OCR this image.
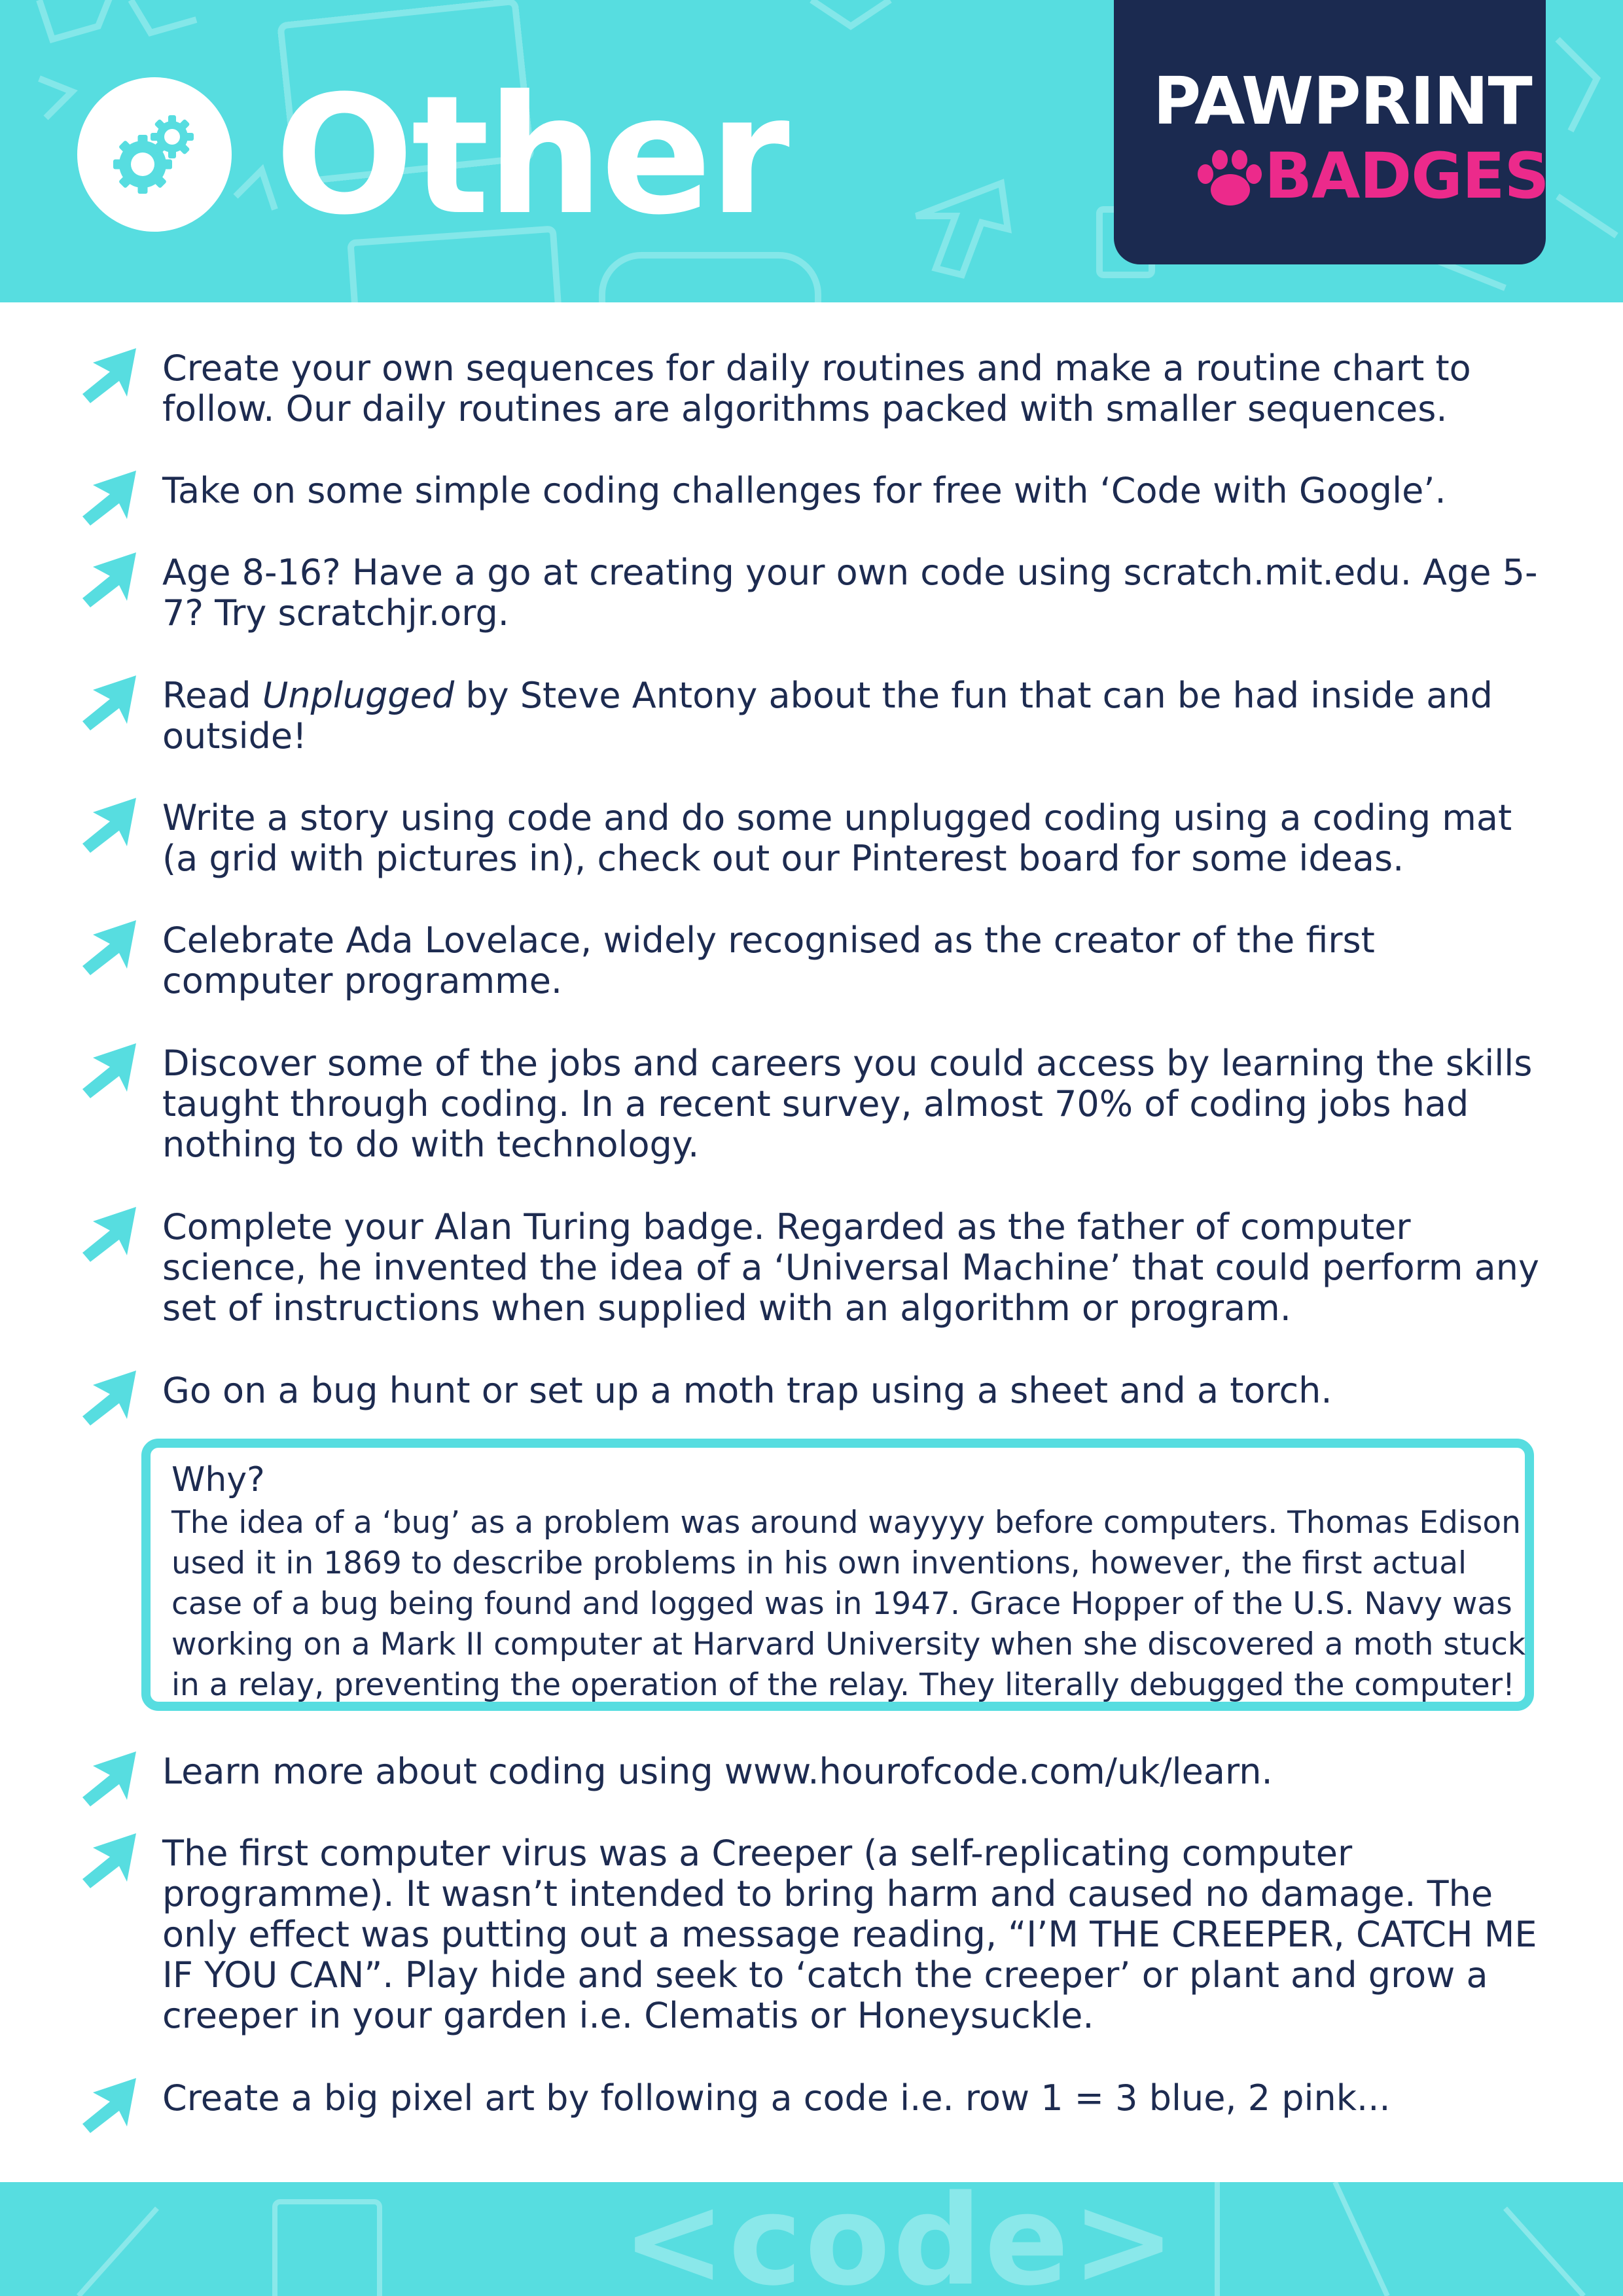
Other	PAWPRINT
BADGES
Create your own sequences for daily routines and make a routine chart to follow. Our daily routines are algorithms packed with smaller sequences.
Take on some simple coding challenges for free with ‘Code with Google’.
Age 8-16? Have a go at creating your own code using scratch.mit.edu. Age 5-7? Try scratchjr.org.
Read Unplugged by Steve Antony about the fun that can be had inside and outside!
Write a story using code and do some unplugged coding using a coding mat (a grid with pictures in), check out our Pinterest board for some ideas.
Celebrate Ada Lovelace, widely recognised as the creator of the first computer programme.
Discover some of the jobs and careers you could access by learning the skills taught through coding. In a recent survey, almost 70% of coding jobs had nothing to do with technology.
Complete your Alan Turing badge. Regarded as the father of computer science, he invented the idea of a ‘Universal Machine’ that could perform any set of instructions when supplied with an algorithm or program.
Go on a bug hunt or set up a moth trap using a sheet and a torch.
Why?
The idea of a ‘bug’ as a problem was around wayyyy before computers. Thomas Edison used it in 1869 to describe problems in his own inventions, however, the first actual case of a bug being found and logged was in 1947. Grace Hopper of the U.S. Navy was working on a Mark II computer at Harvard University when she discovered a moth stuck in a relay, preventing the operation of the relay. They literally debugged the computer!
Learn more about coding using www.hourofcode.com/uk/learn.
The first computer virus was a Creeper (a self-replicating computer programme). It wasn’t intended to bring harm and caused no damage. The only effect was putting out a message reading, “I’M THE CREEPER, CATCH ME IF YOU CAN”. Play hide and seek to ‘catch the creeper’ or plant and grow a creeper in your garden i.e. Clematis or Honeysuckle.
Create a big pixel art by following a code i.e. row 1 = 3 blue, 2 pink...
<code>
